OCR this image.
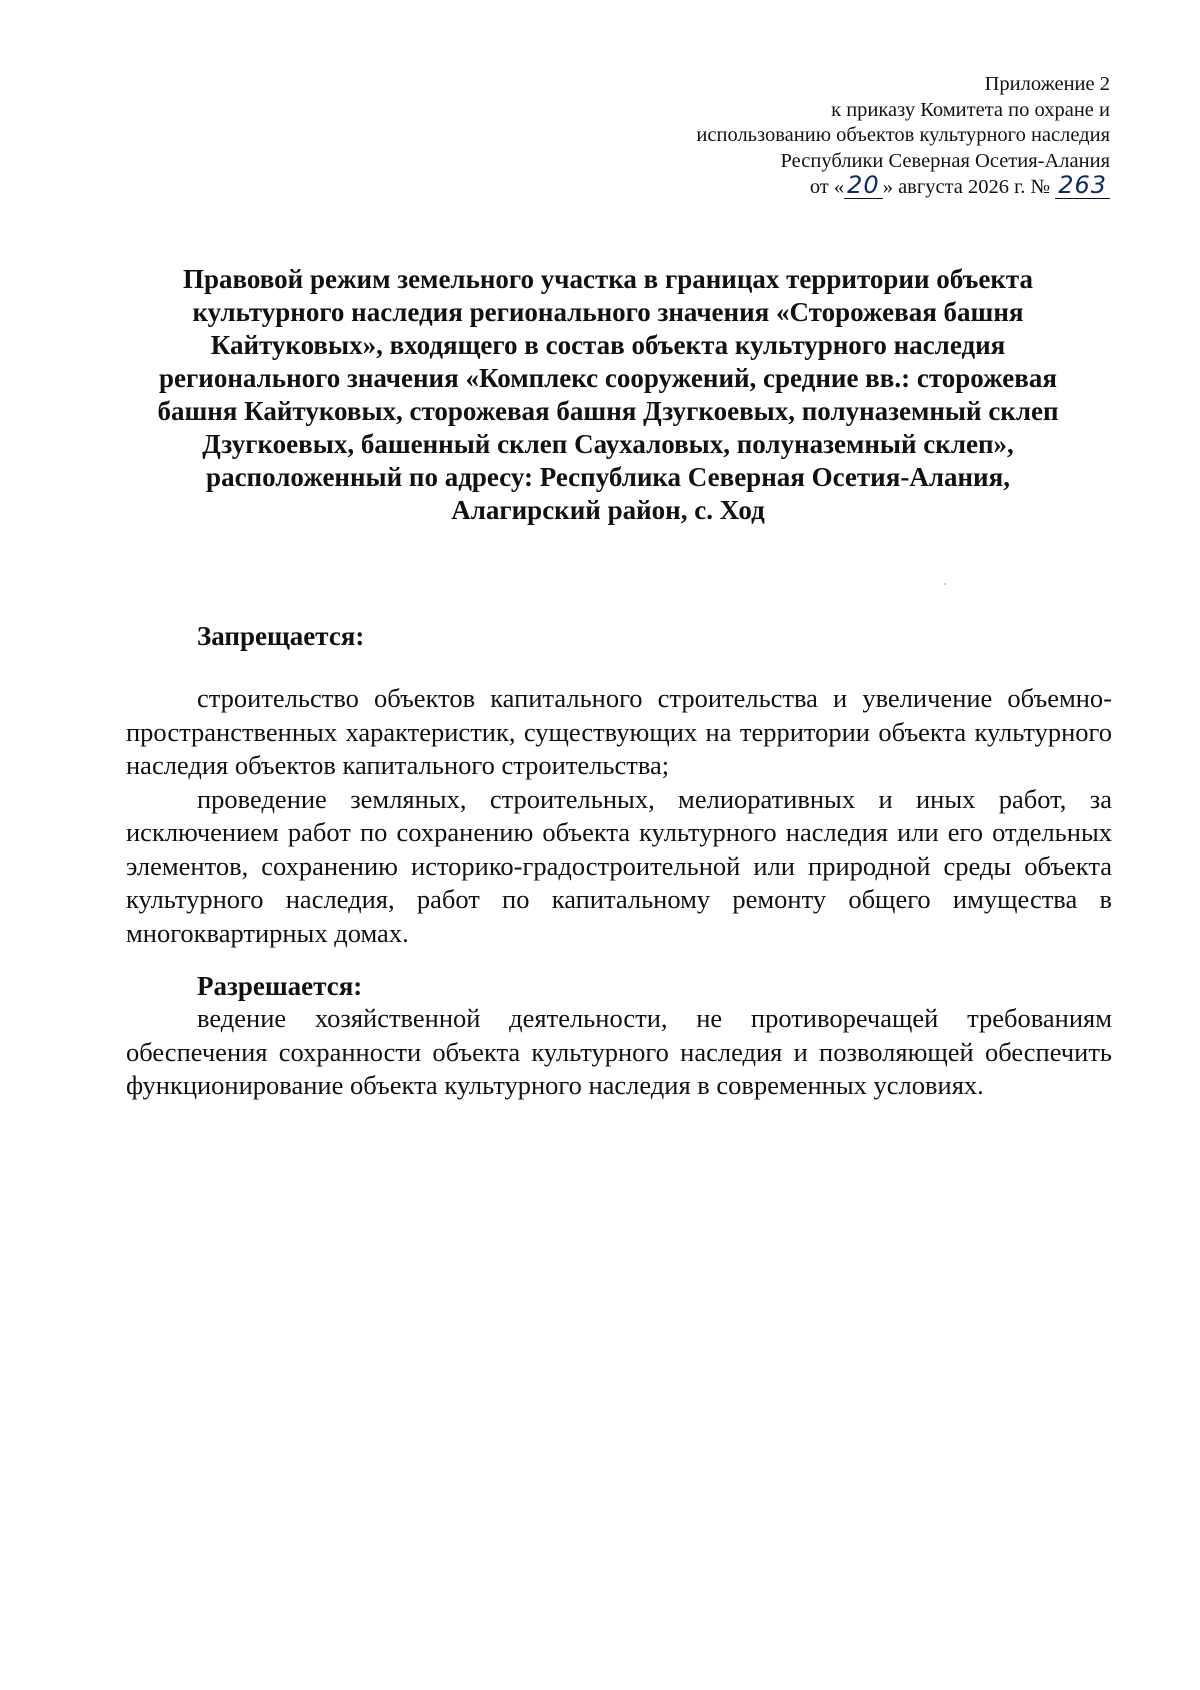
Приложение 2
к приказу Комитета по охране и
использованию объектов культурного наследия
Республики Северная Осетия-Алания
от « 20 » августа 2026 г. № 263
Правовой режим земельного участка в границах территории объекта
культурного наследия регионального значения «Сторожевая башня
Кайтуковых», входящего в состав объекта культурного наследия
регионального значения «Комплекс сооружений, средние вв.: сторожевая
башня Кайтуковых, сторожевая башня Дзугкоевых, полуназемный склеп
Дзугкоевых, башенный склеп Саухаловых, полуназемный склеп»,
расположенный по адресу: Республика Северная Осетия-Алания,
Алагирский район, с. Ход
Запрещается:

строительство объектов капитального строительства и увеличение объемно-пространственных характеристик, существующих на территории объекта культурного наследия объектов капитального строительства;

проведение земляных, строительных, мелиоративных и иных работ, за исключением работ по сохранению объекта культурного наследия или его отдельных элементов, сохранению историко-градостроительной или природной среды объекта культурного наследия, работ по капитальному ремонту общего имущества в многоквартирных домах.

Разрешается:

ведение хозяйственной деятельности, не противоречащей требованиям обеспечения сохранности объекта культурного наследия и позволяющей обеспечить функционирование объекта культурного наследия в современных условиях.
